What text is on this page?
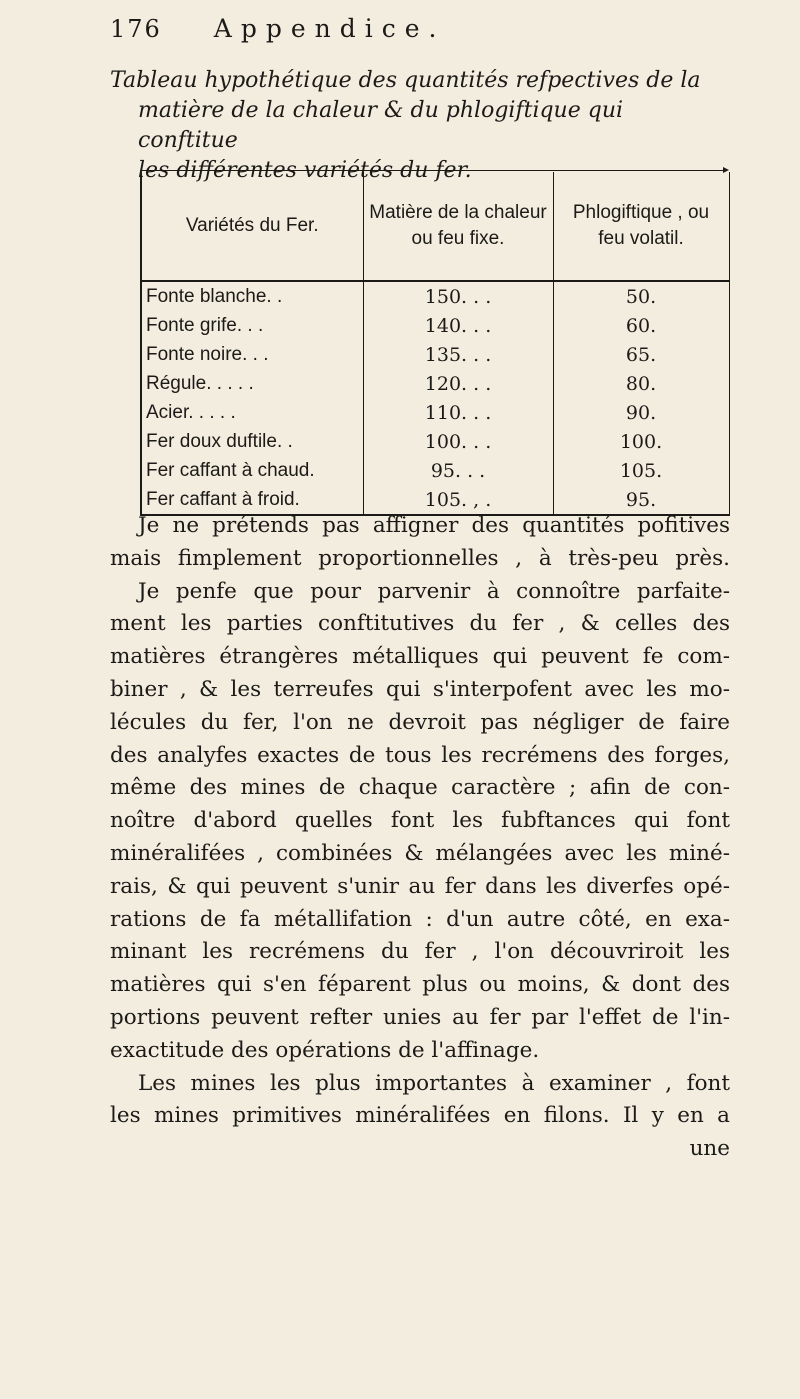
176 Appendice.
Tableau hypothétique des quantités refpectives de la
matière de la chaleur & du phlogiftique qui conftitue
les différentes variétés du fer.
Variétés du Fer.	Matière de la chaleur ou feu fixe.	Phlogiftique , ou feu volatil.
Fonte blanche. .	150. . .	50.
Fonte grife. . .	140. . .	60.
Fonte noire. . .	135. . .	65.
Régule. . . . .	120. . .	80.
Acier. . . . .	110. . .	90.
Fer doux duftile. .	100. . .	100.
Fer caffant à chaud.	95. . .	105.
Fer caffant à froid.	105. , .	95.
Je ne prétends pas affigner des quantités pofitives
mais fimplement proportionnelles , à très-peu près.
Je penfe que pour parvenir à connoître parfaite-
ment les parties conftitutives du fer , & celles des
matières étrangères métalliques qui peuvent fe com-
biner , & les terreufes qui s'interpofent avec les mo-
lécules du fer, l'on ne devroit pas négliger de faire
des analyfes exactes de tous les recrémens des forges,
même des mines de chaque caractère ; afin de con-
noître d'abord quelles font les fubftances qui font
minéralifées , combinées & mélangées avec les miné-
rais, & qui peuvent s'unir au fer dans les diverfes opé-
rations de fa métallifation : d'un autre côté, en exa-
minant les recrémens du fer , l'on découvriroit les
matières qui s'en féparent plus ou moins, & dont des
portions peuvent refter unies au fer par l'effet de l'in-
exactitude des opérations de l'affinage.
Les mines les plus importantes à examiner , font
les mines primitives minéralifées en filons. Il y en a
une
